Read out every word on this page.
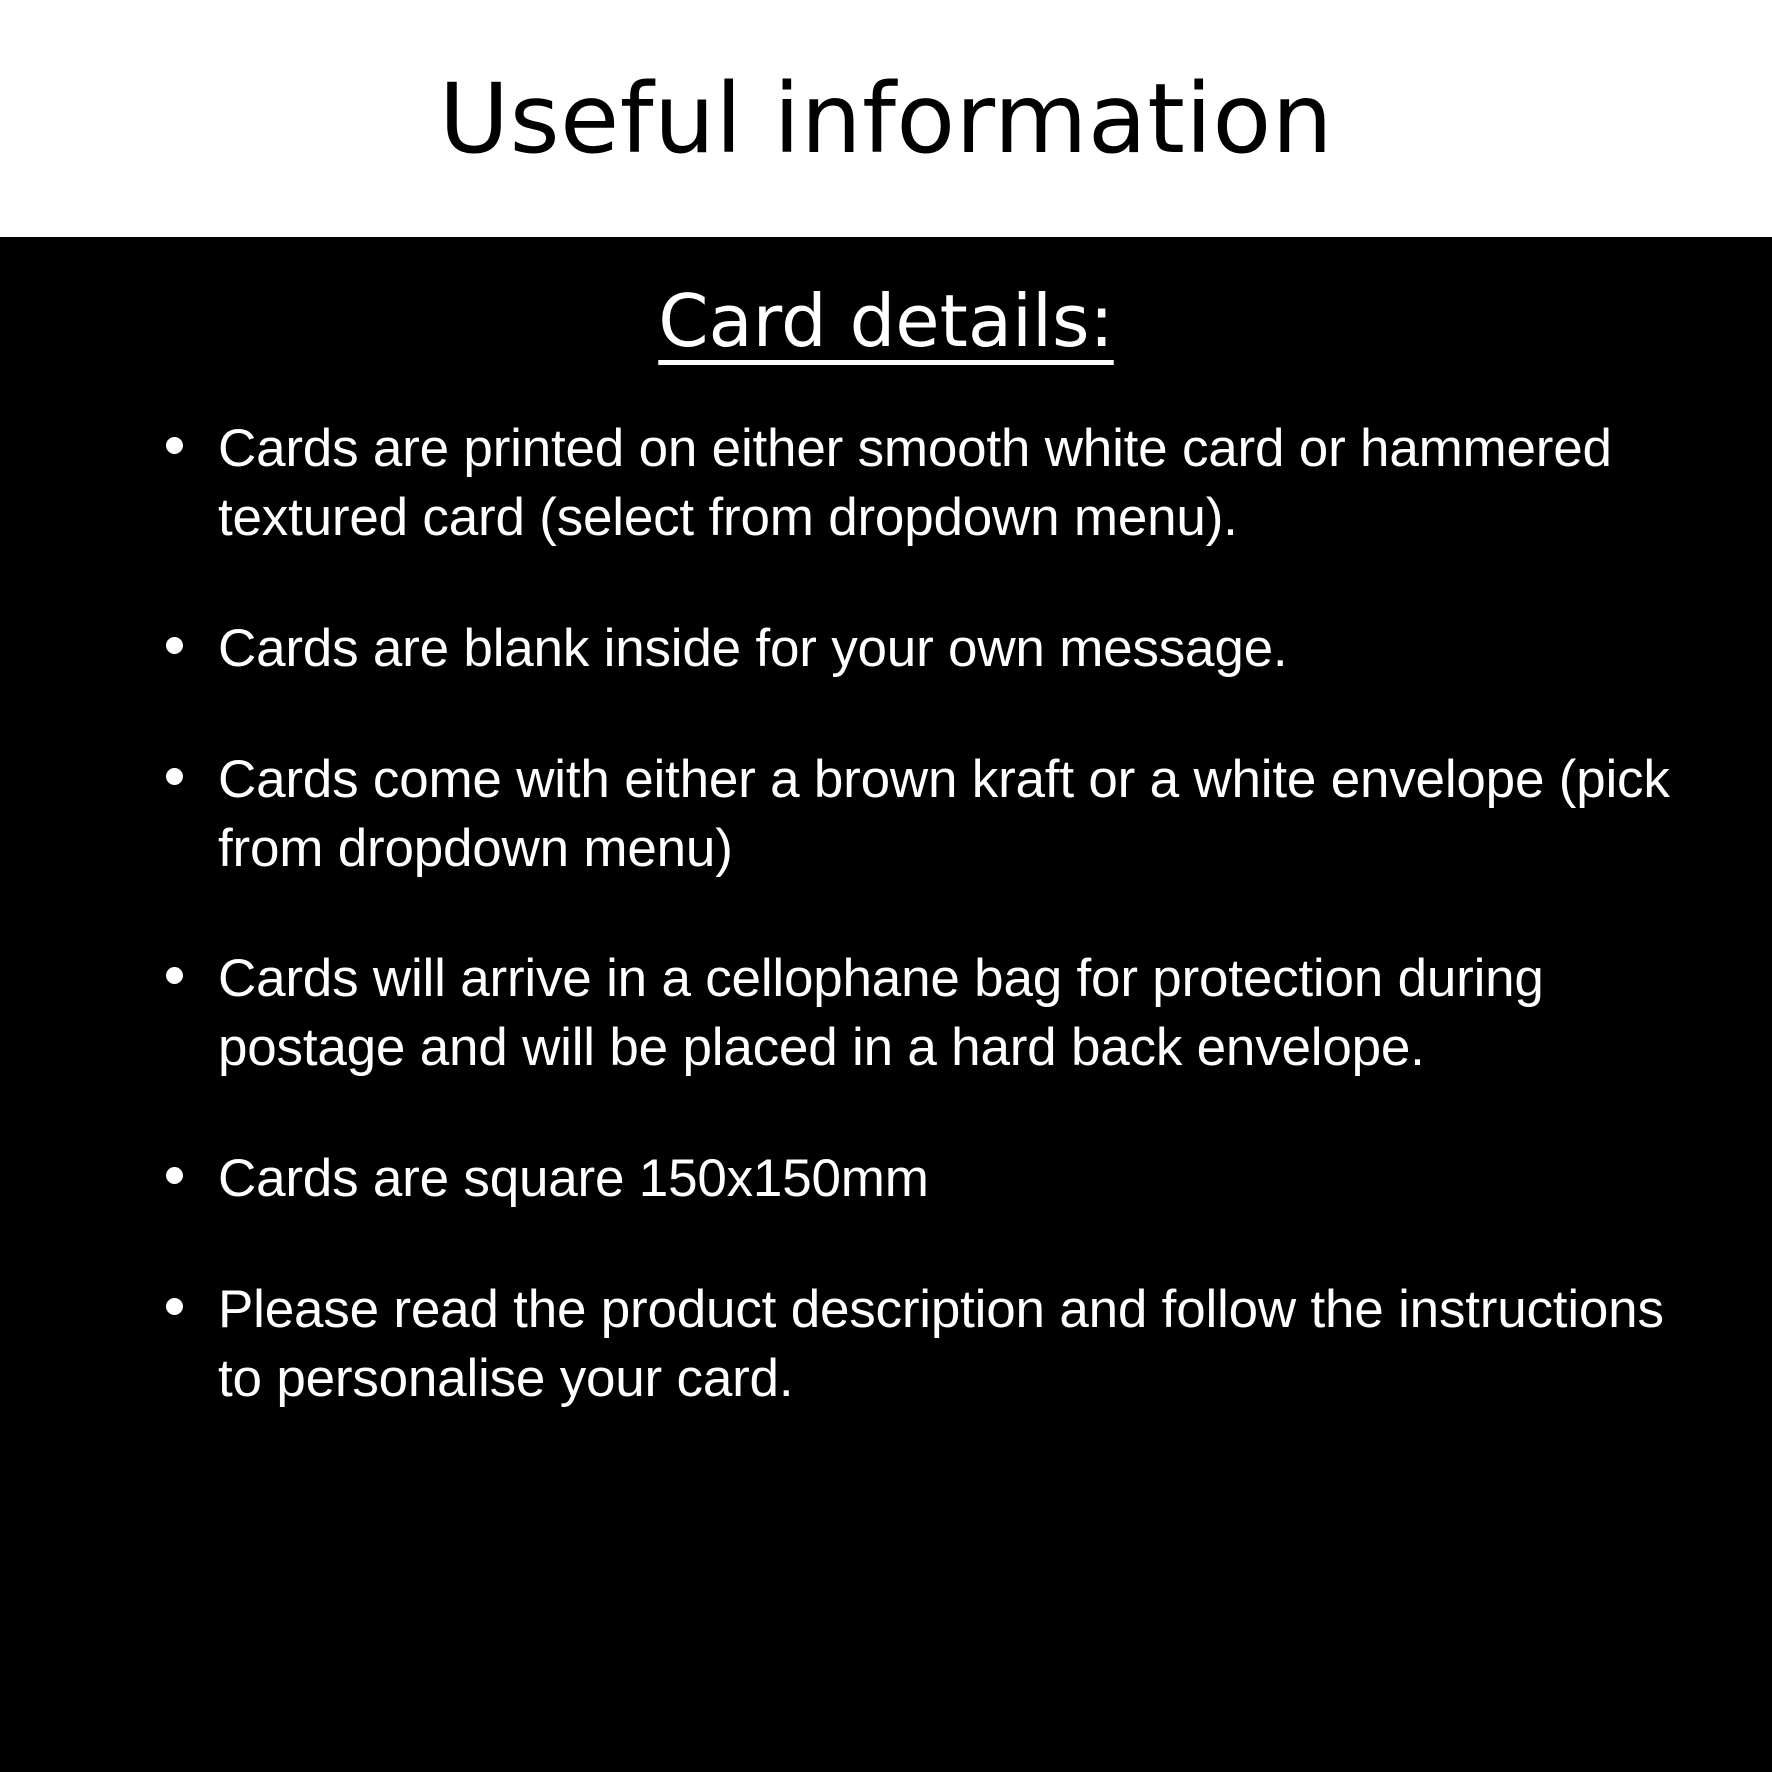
Useful information
Card details:
Cards are printed on either smooth white card or hammered textured card (select from dropdown menu).
Cards are blank inside for your own message.
Cards come with either a brown kraft or a white envelope (pick from dropdown menu)
Cards will arrive in a cellophane bag for protection during postage and will be placed in a hard back envelope.
Cards are square 150x150mm
Please read the product description and follow the instructions to personalise your card.
